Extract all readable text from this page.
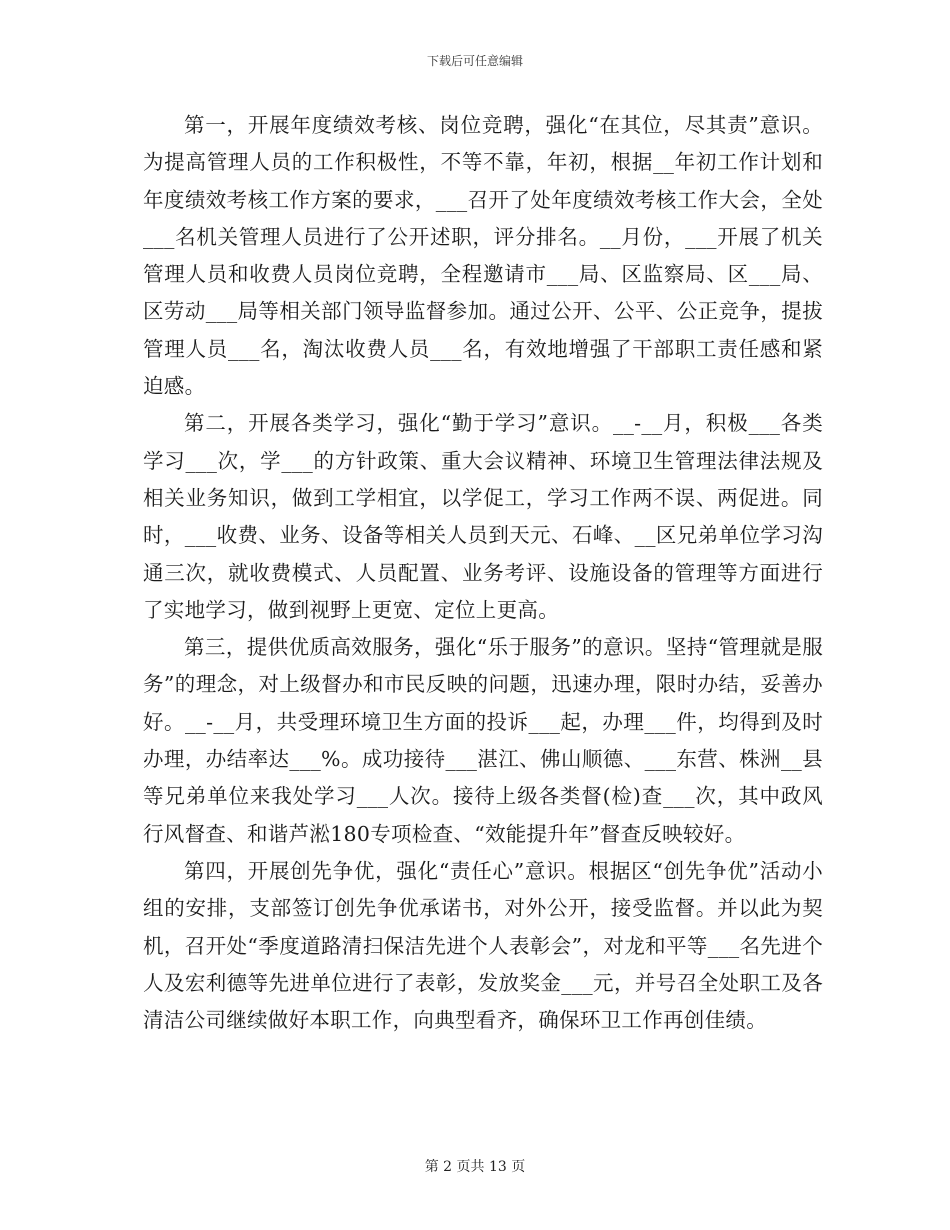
下载后可任意编辑

第一，开展年度绩效考核、岗位竞聘，强化“在其位，尽其责”意识。为提高管理人员的工作积极性，不等不靠，年初，根据__年初工作计划和年度绩效考核工作方案的要求，___召开了处年度绩效考核工作大会，全处___名机关管理人员进行了公开述职，评分排名。__月份，___开展了机关管理人员和收费人员岗位竞聘，全程邀请市___局、区监察局、区___局、区劳动___局等相关部门领导监督参加。通过公开、公平、公正竞争，提拔管理人员___名，淘汰收费人员___名，有效地增强了干部职工责任感和紧迫感。

第二，开展各类学习，强化“勤于学习”意识。__-__月，积极___各类学习___次，学___的方针政策、重大会议精神、环境卫生管理法律法规及相关业务知识，做到工学相宜，以学促工，学习工作两不误、两促进。同时，___收费、业务、设备等相关人员到天元、石峰、__区兄弟单位学习沟通三次，就收费模式、人员配置、业务考评、设施设备的管理等方面进行了实地学习，做到视野上更宽、定位上更高。

第三，提供优质高效服务，强化“乐于服务”的意识。坚持“管理就是服务”的理念，对上级督办和市民反映的问题，迅速办理，限时办结，妥善办好。__-__月，共受理环境卫生方面的投诉___起，办理___件，均得到及时办理，办结率达___%。成功接待___湛江、佛山顺德、___东营、株洲__县等兄弟单位来我处学习___人次。接待上级各类督(检)查___次，其中政风行风督查、和谐芦淞180专项检查、“效能提升年”督查反映较好。

第四，开展创先争优，强化“责任心”意识。根据区“创先争优”活动小组的安排，支部签订创先争优承诺书，对外公开，接受监督。并以此为契机，召开处“季度道路清扫保洁先进个人表彰会”，对龙和平等___名先进个人及宏利德等先进单位进行了表彰，发放奖金___元，并号召全处职工及各清洁公司继续做好本职工作，向典型看齐，确保环卫工作再创佳绩。

第 2 页共 13 页
